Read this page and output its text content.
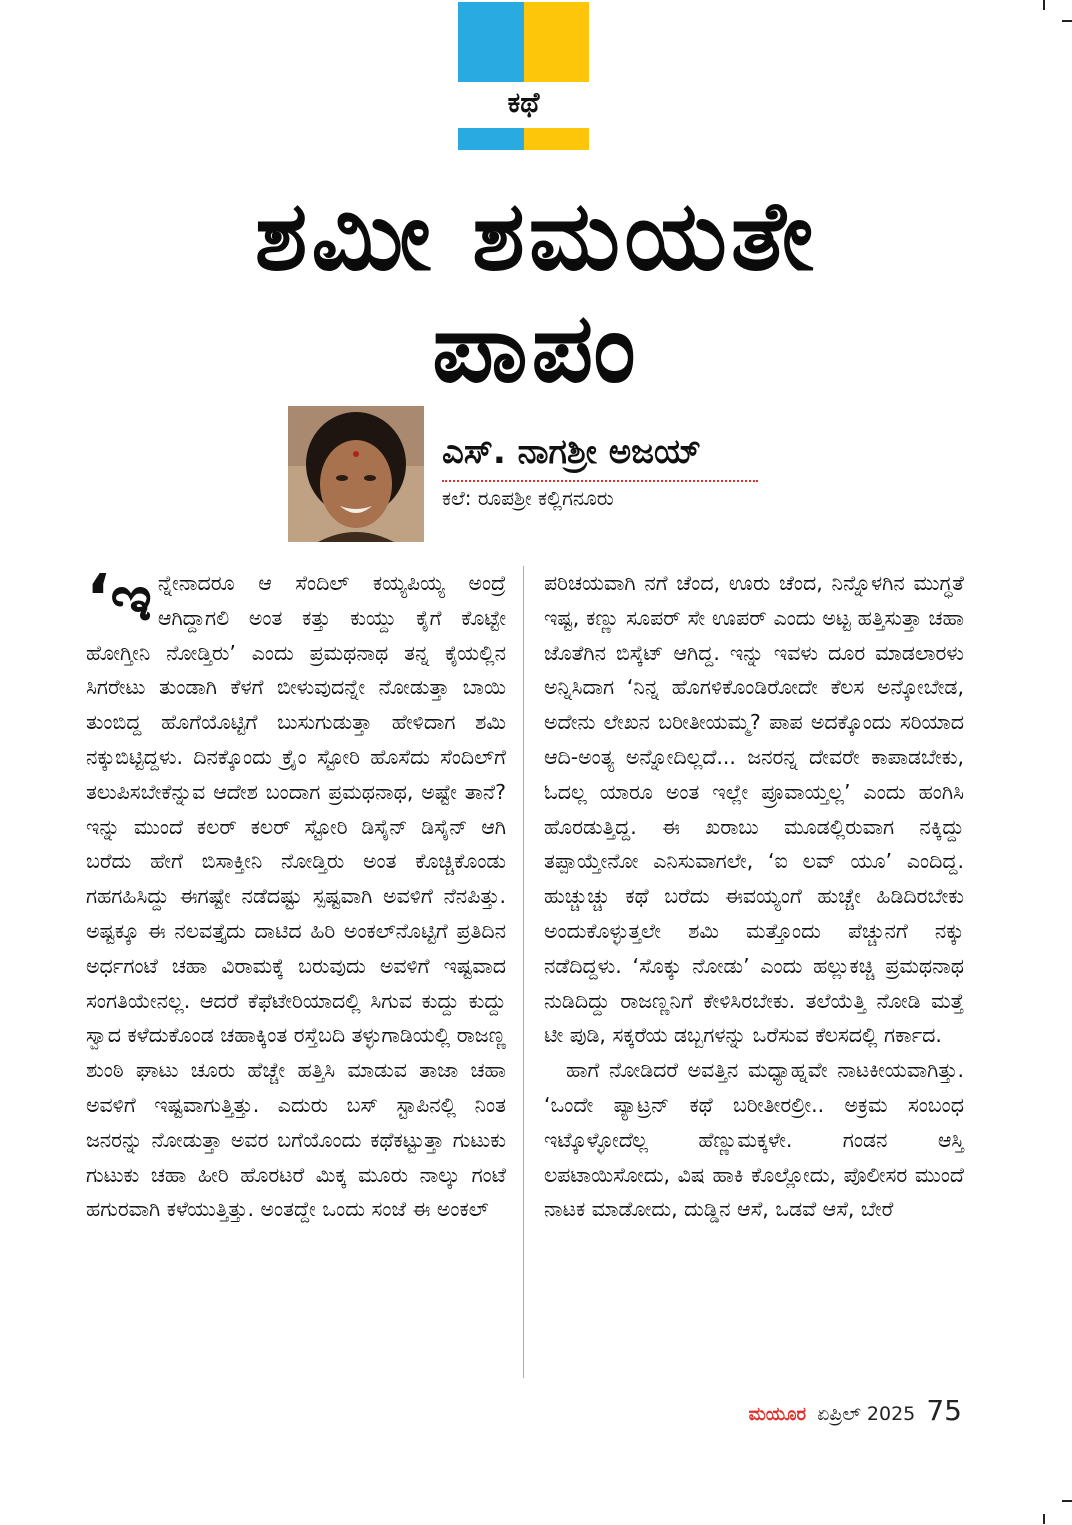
ಕಥೆ
ಶಮೀ ಶಮಯತೇ
ಪಾಪಂ
ಎಸ್. ನಾಗಶ್ರೀ ಅಜಯ್
ಕಲೆ: ರೂಪಶ್ರೀ ಕಲ್ಲಿಗನೂರು
‘ಇ ನ್ನೇನಾದರೂ ಆ ಸೆಂದಿಲ್ ಕಯ್ಯಪಿಯ್ಯ ಅಂದ್ರೆ ಆಗಿದ್ದಾಗಲಿ ಅಂತ ಕತ್ತು ಕುಯ್ದು ಕೈಗೆ ಕೊಟ್ಟೇ ಹೋಗ್ತೀನಿ ನೋಡ್ತಿರು’ ಎಂದು ಪ್ರಮಥನಾಥ ತನ್ನ ಕೈಯಲ್ಲಿನ ಸಿಗರೇಟು ತುಂಡಾಗಿ ಕೆಳಗೆ ಬೀಳುವುದನ್ನೇ ನೋಡುತ್ತಾ ಬಾಯಿ ತುಂಬಿದ್ದ ಹೊಗೆಯೊಟ್ಟಿಗೆ ಬುಸುಗುಡುತ್ತಾ ಹೇಳಿದಾಗ ಶಮಿ ನಕ್ಕುಬಿಟ್ಟಿದ್ದಳು. ದಿನಕ್ಕೊಂದು ಕ್ರೈಂ ಸ್ಟೋರಿ ಹೊಸೆದು ಸೆಂದಿಲ್‌ಗೆ ತಲುಪಿಸಬೇಕೆನ್ನುವ ಆದೇಶ ಬಂದಾಗ ಪ್ರಮಥನಾಥ, ಅಷ್ಟೇ ತಾನೆ? ಇನ್ನು ಮುಂದೆ ಕಲರ್ ಕಲರ್ ಸ್ಟೋರಿ ಡಿಸೈನ್ ಡಿಸೈನ್ ಆಗಿ ಬರೆದು ಹೇಗೆ ಬಿಸಾಕ್ತೀನಿ ನೋಡ್ತಿರು ಅಂತ ಕೊಚ್ಚಿಕೊಂಡು ಗಹಗಹಿಸಿದ್ದು ಈಗಷ್ಟೇ ನಡೆದಷ್ಟು ಸ್ಪಷ್ಟವಾಗಿ ಅವಳಿಗೆ ನೆನಪಿತ್ತು. ಅಷ್ಟಕ್ಕೂ ಈ ನಲವತ್ತೈದು ದಾಟಿದ ಹಿರಿ ಅಂಕಲ್‌ನೊಟ್ಟಿಗೆ ಪ್ರತಿದಿನ ಅರ್ಧಗಂಟೆ ಚಹಾ ವಿರಾಮಕ್ಕೆ ಬರುವುದು ಅವಳಿಗೆ ಇಷ್ಟವಾದ ಸಂಗತಿಯೇನಲ್ಲ. ಆದರೆ ಕೆಫೆಟೇರಿಯಾದಲ್ಲಿ ಸಿಗುವ ಕುದ್ದು ಕುದ್ದು ಸ್ವಾದ ಕಳೆದುಕೊಂಡ ಚಹಾಕ್ಕಿಂತ ರಸ್ತೆಬದಿ ತಳ್ಳುಗಾಡಿಯಲ್ಲಿ ರಾಜಣ್ಣ ಶುಂಠಿ ಘಾಟು ಚೂರು ಹೆಚ್ಚೇ ಹತ್ತಿಸಿ ಮಾಡುವ ತಾಜಾ ಚಹಾ ಅವಳಿಗೆ ಇಷ್ಟವಾಗುತ್ತಿತ್ತು. ಎದುರು ಬಸ್ ಸ್ಟಾಪಿನಲ್ಲಿ ನಿಂತ ಜನರನ್ನು ನೋಡುತ್ತಾ ಅವರ ಬಗೆಯೊಂದು ಕಥೆಕಟ್ಟುತ್ತಾ ಗುಟುಕು ಗುಟುಕು ಚಹಾ ಹೀರಿ ಹೊರಟರೆ ಮಿಕ್ಕ ಮೂರು ನಾಲ್ಕು ಗಂಟೆ ಹಗುರವಾಗಿ ಕಳೆಯುತ್ತಿತ್ತು. ಅಂತದ್ದೇ ಒಂದು ಸಂಜೆ ಈ ಅಂಕಲ್

ಪರಿಚಯವಾಗಿ ನಗೆ ಚೆಂದ, ಊರು ಚೆಂದ, ನಿನ್ನೊಳಗಿನ ಮುಗ್ಧತೆ ಇಷ್ಟ, ಕಣ್ಣು ಸೂಪರ್ ಸೇ ಊಪರ್ ಎಂದು ಅಟ್ಟ ಹತ್ತಿಸುತ್ತಾ ಚಹಾ ಜೊತೆಗಿನ ಬಿಸ್ಕೆಟ್ ಆಗಿದ್ದ. ಇನ್ನು ಇವಳು ದೂರ ಮಾಡಲಾರಳು ಅನ್ನಿಸಿದಾಗ ‘ನಿನ್ನ ಹೊಗಳಿಕೊಂಡಿರೋದೇ ಕೆಲಸ ಅನ್ಕೋಬೇಡ, ಅದೇನು ಲೇಖನ ಬರೀತೀಯಮ್ಮ? ಪಾಪ ಅದಕ್ಕೊಂದು ಸರಿಯಾದ ಆದಿ-ಅಂತ್ಯ ಅನ್ನೋದಿಲ್ಲದೆ... ಜನರನ್ನ ದೇವರೇ ಕಾಪಾಡಬೇಕು, ಓದಲ್ಲ ಯಾರೂ ಅಂತ ಇಲ್ಲೇ ಪ್ರೂವಾಯ್ತಲ್ಲ’ ಎಂದು ಹಂಗಿಸಿ ಹೊರಡುತ್ತಿದ್ದ. ಈ ಖರಾಬು ಮೂಡಲ್ಲಿರುವಾಗ ನಕ್ಕಿದ್ದು ತಪ್ಪಾಯ್ತೇನೋ ಎನಿಸುವಾಗಲೇ, ‘ಐ ಲವ್ ಯೂ’ ಎಂದಿದ್ದ. ಹುಚ್ಚುಚ್ಚು ಕಥೆ ಬರೆದು ಈವಯ್ಯಂಗೆ ಹುಚ್ಚೇ ಹಿಡಿದಿರಬೇಕು ಅಂದುಕೊಳ್ಳುತ್ತಲೇ ಶಮಿ ಮತ್ತೊಂದು ಪೆಚ್ಚುನಗೆ ನಕ್ಕು ನಡೆದಿದ್ದಳು. ‘ಸೊಕ್ಕು ನೋಡು’ ಎಂದು ಹಲ್ಲುಕಚ್ಚಿ ಪ್ರಮಥನಾಥ ನುಡಿದಿದ್ದು ರಾಜಣ್ಣನಿಗೆ ಕೇಳಿಸಿರಬೇಕು. ತಲೆಯೆತ್ತಿ ನೋಡಿ ಮತ್ತೆ ಟೀ ಪುಡಿ, ಸಕ್ಕರೆಯ ಡಬ್ಬಗಳನ್ನು ಒರೆಸುವ ಕೆಲಸದಲ್ಲಿ ಗರ್ಕಾದ.

ಹಾಗೆ ನೋಡಿದರೆ ಅವತ್ತಿನ ಮಧ್ಯಾಹ್ನವೇ ನಾಟಕೀಯವಾಗಿತ್ತು. ‘ಒಂದೇ ಪ್ಯಾಟ್ರನ್ ಕಥೆ ಬರೀತೀರಲ್ರೀ.. ಅಕ್ರಮ ಸಂಬಂಧ ಇಟ್ಕೊಳ್ಳೋದೆಲ್ಲ ಹೆಣ್ಣುಮಕ್ಕಳೇ. ಗಂಡನ ಆಸ್ತಿ ಲಪಟಾಯಿಸೋದು, ವಿಷ ಹಾಕಿ ಕೊಲ್ಲೋದು, ಪೊಲೀಸರ ಮುಂದೆ ನಾಟಕ ಮಾಡೋದು, ದುಡ್ಡಿನ ಆಸೆ, ಒಡವೆ ಆಸೆ, ಬೇರೆ

ಮಯೂರ ಏಪ್ರಿಲ್ 2025 75
